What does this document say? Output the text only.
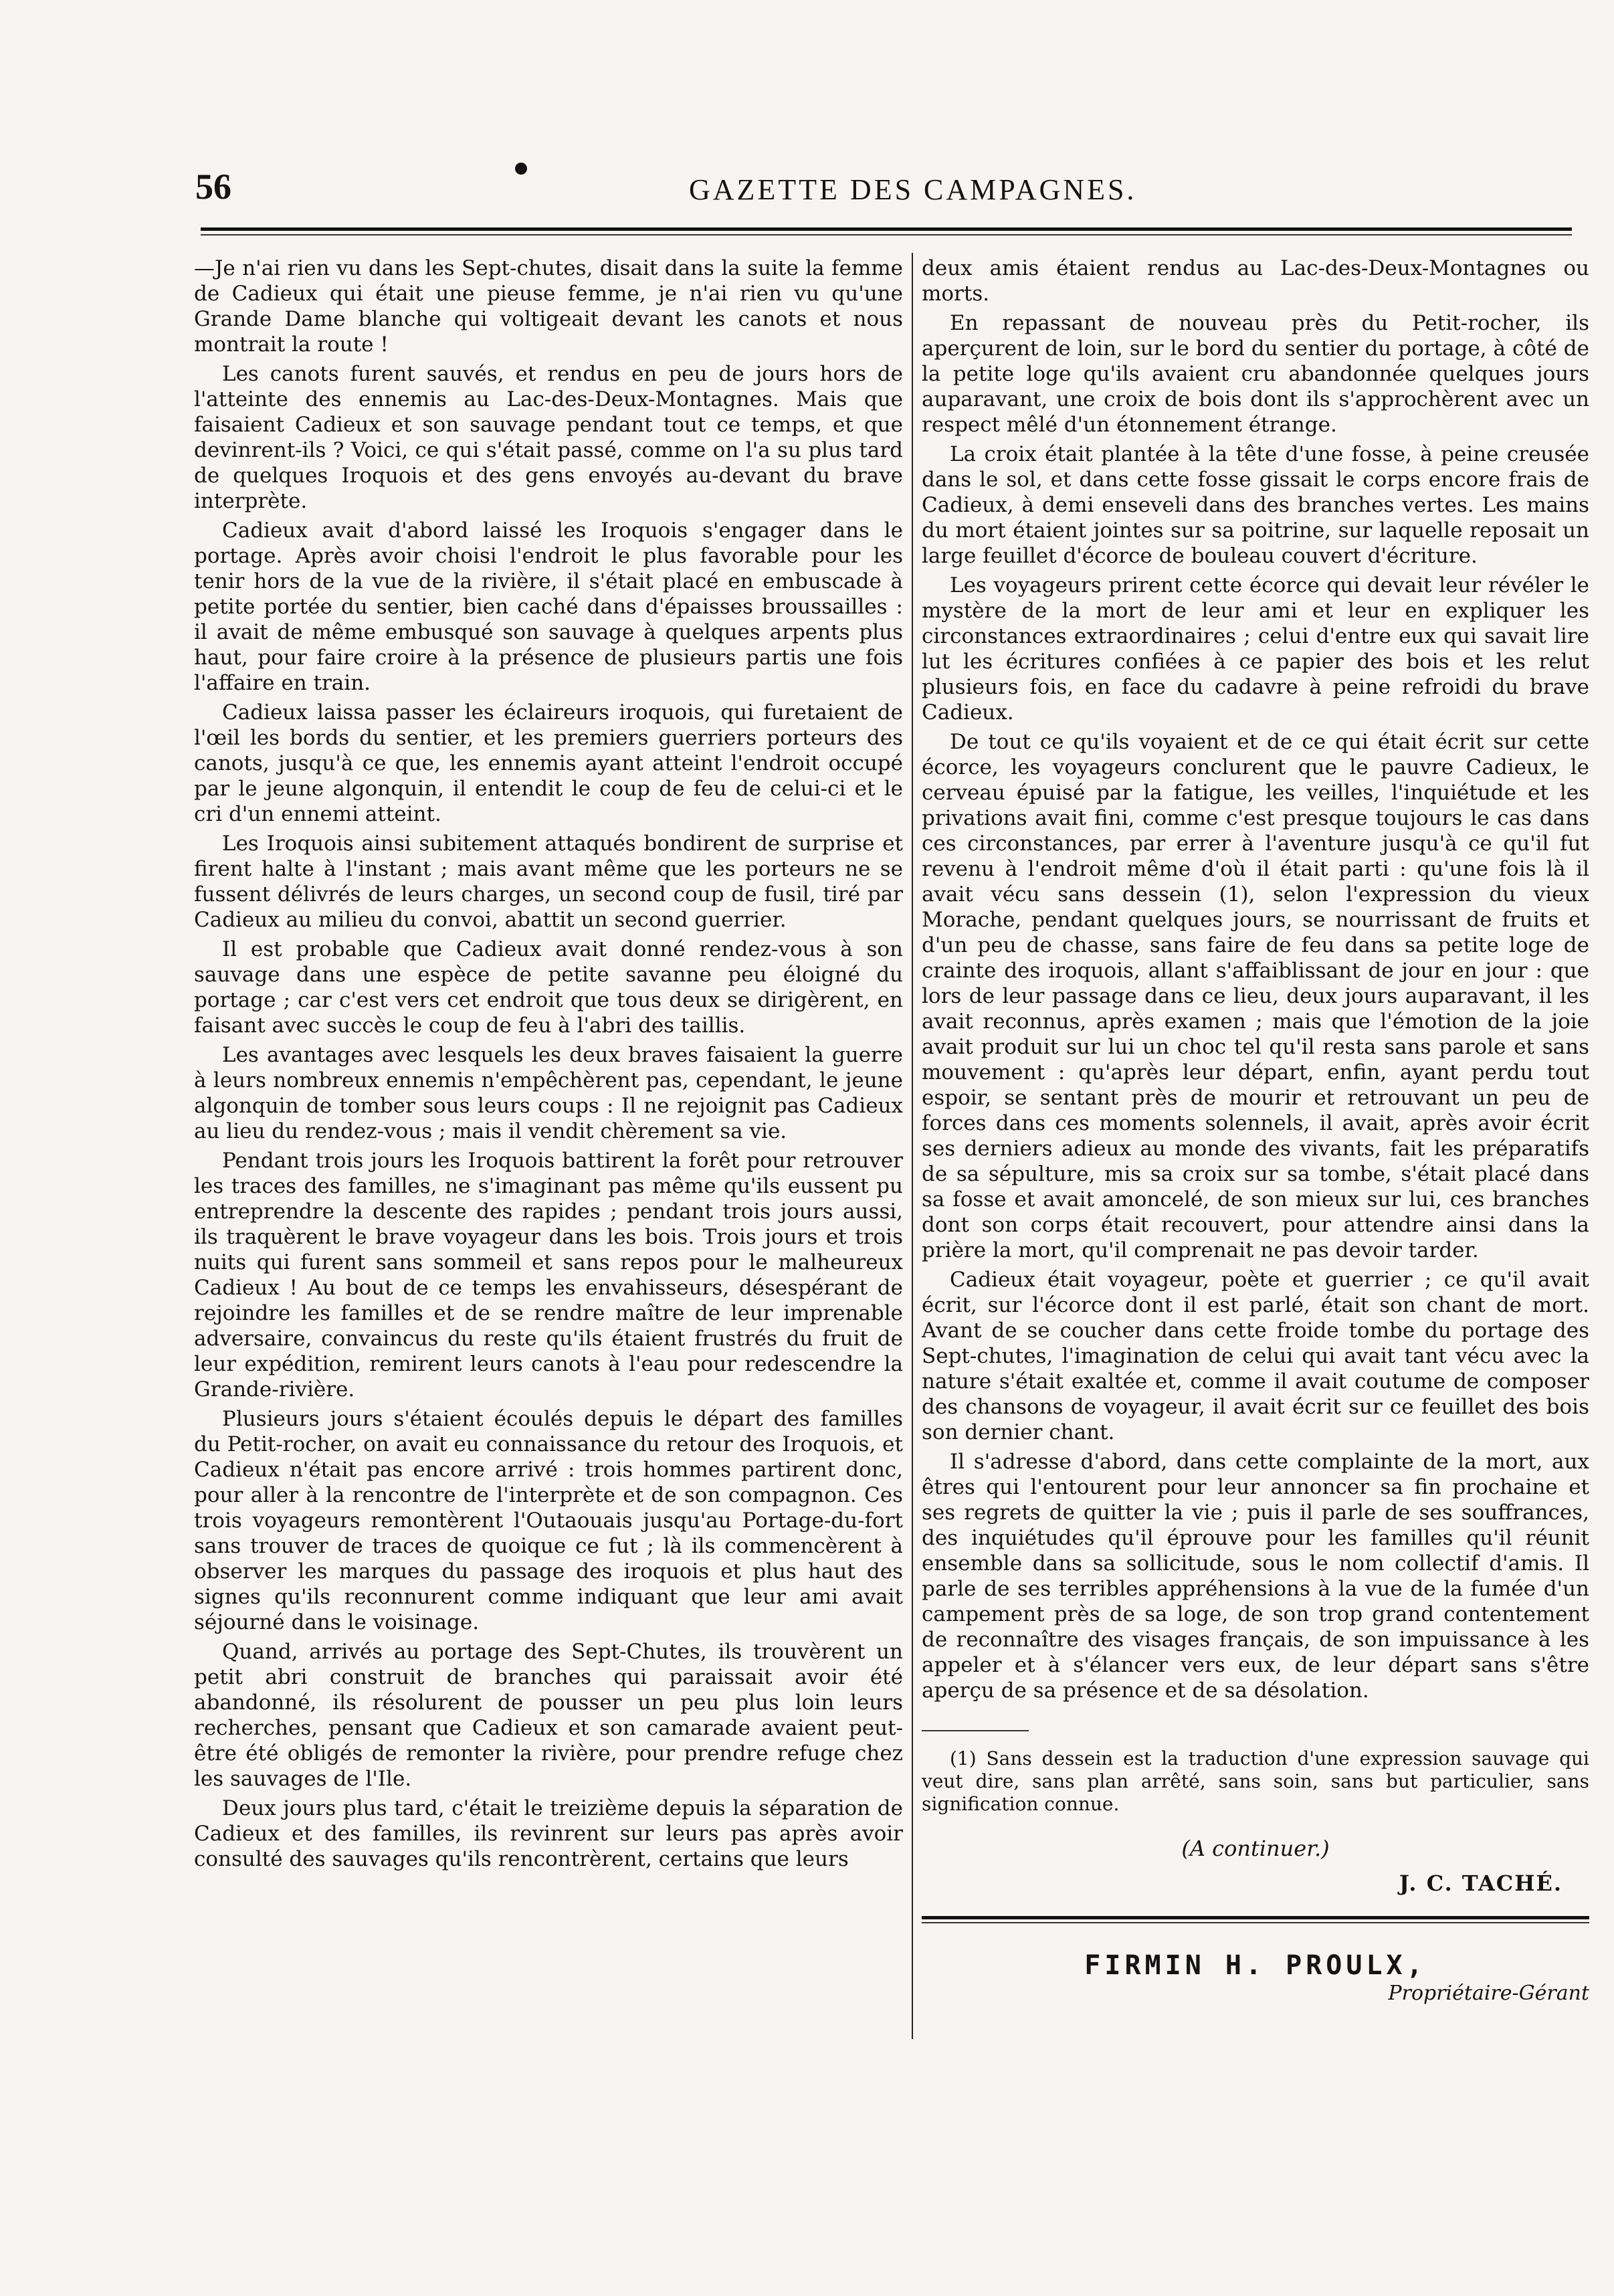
56	GAZETTE DES CAMPAGNES.

—Je n'ai rien vu dans les Sept-chutes, disait dans la suite la femme de Cadieux qui était une pieuse femme, je n'ai rien vu qu'une Grande Dame blanche qui voltigeait devant les canots et nous montrait la route !

Les canots furent sauvés, et rendus en peu de jours hors de l'atteinte des ennemis au Lac-des-Deux-Montagnes. Mais que faisaient Cadieux et son sauvage pendant tout ce temps, et que devinrent-ils ? Voici, ce qui s'était passé, comme on l'a su plus tard de quelques Iroquois et des gens envoyés au-devant du brave interprète.

Cadieux avait d'abord laissé les Iroquois s'engager dans le portage. Après avoir choisi l'endroit le plus favorable pour les tenir hors de la vue de la rivière, il s'était placé en embuscade à petite portée du sentier, bien caché dans d'épaisses broussailles : il avait de même embusqué son sauvage à quelques arpents plus haut, pour faire croire à la présence de plusieurs partis une fois l'affaire en train.

Cadieux laissa passer les éclaireurs iroquois, qui furetaient de l'œil les bords du sentier, et les premiers guerriers porteurs des canots, jusqu'à ce que, les ennemis ayant atteint l'endroit occupé par le jeune algonquin, il entendit le coup de feu de celui-ci et le cri d'un ennemi atteint.

Les Iroquois ainsi subitement attaqués bondirent de surprise et firent halte à l'instant ; mais avant même que les porteurs ne se fussent délivrés de leurs charges, un second coup de fusil, tiré par Cadieux au milieu du convoi, abattit un second guerrier.

Il est probable que Cadieux avait donné rendez-vous à son sauvage dans une espèce de petite savanne peu éloigné du portage ; car c'est vers cet endroit que tous deux se dirigèrent, en faisant avec succès le coup de feu à l'abri des taillis.

Les avantages avec lesquels les deux braves faisaient la guerre à leurs nombreux ennemis n'empêchèrent pas, cependant, le jeune algonquin de tomber sous leurs coups : Il ne rejoignit pas Cadieux au lieu du rendez-vous ; mais il vendit chèrement sa vie.

Pendant trois jours les Iroquois battirent la forêt pour retrouver les traces des familles, ne s'imaginant pas même qu'ils eussent pu entreprendre la descente des rapides ; pendant trois jours aussi, ils traquèrent le brave voyageur dans les bois. Trois jours et trois nuits qui furent sans sommeil et sans repos pour le malheureux Cadieux ! Au bout de ce temps les envahisseurs, désespérant de rejoindre les familles et de se rendre maître de leur imprenable adversaire, convaincus du reste qu'ils étaient frustrés du fruit de leur expédition, remirent leurs canots à l'eau pour redescendre la Grande-rivière.

Plusieurs jours s'étaient écoulés depuis le départ des familles du Petit-rocher, on avait eu connaissance du retour des Iroquois, et Cadieux n'était pas encore arrivé : trois hommes partirent donc, pour aller à la rencontre de l'interprète et de son compagnon. Ces trois voyageurs remontèrent l'Outaouais jusqu'au Portage-du-fort sans trouver de traces de quoique ce fut ; là ils commencèrent à observer les marques du passage des iroquois et plus haut des signes qu'ils reconnurent comme indiquant que leur ami avait séjourné dans le voisinage.

Quand, arrivés au portage des Sept-Chutes, ils trouvèrent un petit abri construit de branches qui paraissait avoir été abandonné, ils résolurent de pousser un peu plus loin leurs recherches, pensant que Cadieux et son camarade avaient peut-être été obligés de remonter la rivière, pour prendre refuge chez les sauvages de l'Ile.

Deux jours plus tard, c'était le treizième depuis la séparation de Cadieux et des familles, ils revinrent sur leurs pas après avoir consulté des sauvages qu'ils rencontrèrent, certains que leurs

deux amis étaient rendus au Lac-des-Deux-Montagnes ou morts.

En repassant de nouveau près du Petit-rocher, ils aperçurent de loin, sur le bord du sentier du portage, à côté de la petite loge qu'ils avaient cru abandonnée quelques jours auparavant, une croix de bois dont ils s'approchèrent avec un respect mêlé d'un étonnement étrange.

La croix était plantée à la tête d'une fosse, à peine creusée dans le sol, et dans cette fosse gissait le corps encore frais de Cadieux, à demi enseveli dans des branches vertes. Les mains du mort étaient jointes sur sa poitrine, sur laquelle reposait un large feuillet d'écorce de bouleau couvert d'écriture.

Les voyageurs prirent cette écorce qui devait leur révéler le mystère de la mort de leur ami et leur en expliquer les circonstances extraordinaires ; celui d'entre eux qui savait lire lut les écritures confiées à ce papier des bois et les relut plusieurs fois, en face du cadavre à peine refroidi du brave Cadieux.

De tout ce qu'ils voyaient et de ce qui était écrit sur cette écorce, les voyageurs conclurent que le pauvre Cadieux, le cerveau épuisé par la fatigue, les veilles, l'inquiétude et les privations avait fini, comme c'est presque toujours le cas dans ces circonstances, par errer à l'aventure jusqu'à ce qu'il fut revenu à l'endroit même d'où il était parti : qu'une fois là il avait vécu sans dessein (1), selon l'expression du vieux Morache, pendant quelques jours, se nourrissant de fruits et d'un peu de chasse, sans faire de feu dans sa petite loge de crainte des iroquois, allant s'affaiblissant de jour en jour : que lors de leur passage dans ce lieu, deux jours auparavant, il les avait reconnus, après examen ; mais que l'émotion de la joie avait produit sur lui un choc tel qu'il resta sans parole et sans mouvement : qu'après leur départ, enfin, ayant perdu tout espoir, se sentant près de mourir et retrouvant un peu de forces dans ces moments solennels, il avait, après avoir écrit ses derniers adieux au monde des vivants, fait les préparatifs de sa sépulture, mis sa croix sur sa tombe, s'était placé dans sa fosse et avait amoncelé, de son mieux sur lui, ces branches dont son corps était recouvert, pour attendre ainsi dans la prière la mort, qu'il comprenait ne pas devoir tarder.

Cadieux était voyageur, poète et guerrier ; ce qu'il avait écrit, sur l'écorce dont il est parlé, était son chant de mort. Avant de se coucher dans cette froide tombe du portage des Sept-chutes, l'imagination de celui qui avait tant vécu avec la nature s'était exaltée et, comme il avait coutume de composer des chansons de voyageur, il avait écrit sur ce feuillet des bois son dernier chant.

Il s'adresse d'abord, dans cette complainte de la mort, aux êtres qui l'entourent pour leur annoncer sa fin prochaine et ses regrets de quitter la vie ; puis il parle de ses souffrances, des inquiétudes qu'il éprouve pour les familles qu'il réunit ensemble dans sa sollicitude, sous le nom collectif d'amis. Il parle de ses terribles appréhensions à la vue de la fumée d'un campement près de sa loge, de son trop grand contentement de reconnaître des visages français, de son impuissance à les appeler et à s'élancer vers eux, de leur départ sans s'être aperçu de sa présence et de sa désolation.

(1) Sans dessein est la traduction d'une expression sauvage qui veut dire, sans plan arrêté, sans soin, sans but particulier, sans signification connue.

(A continuer.)
J. C. TACHÉ.
FIRMIN H. PROULX,
Propriétaire-Gérant
